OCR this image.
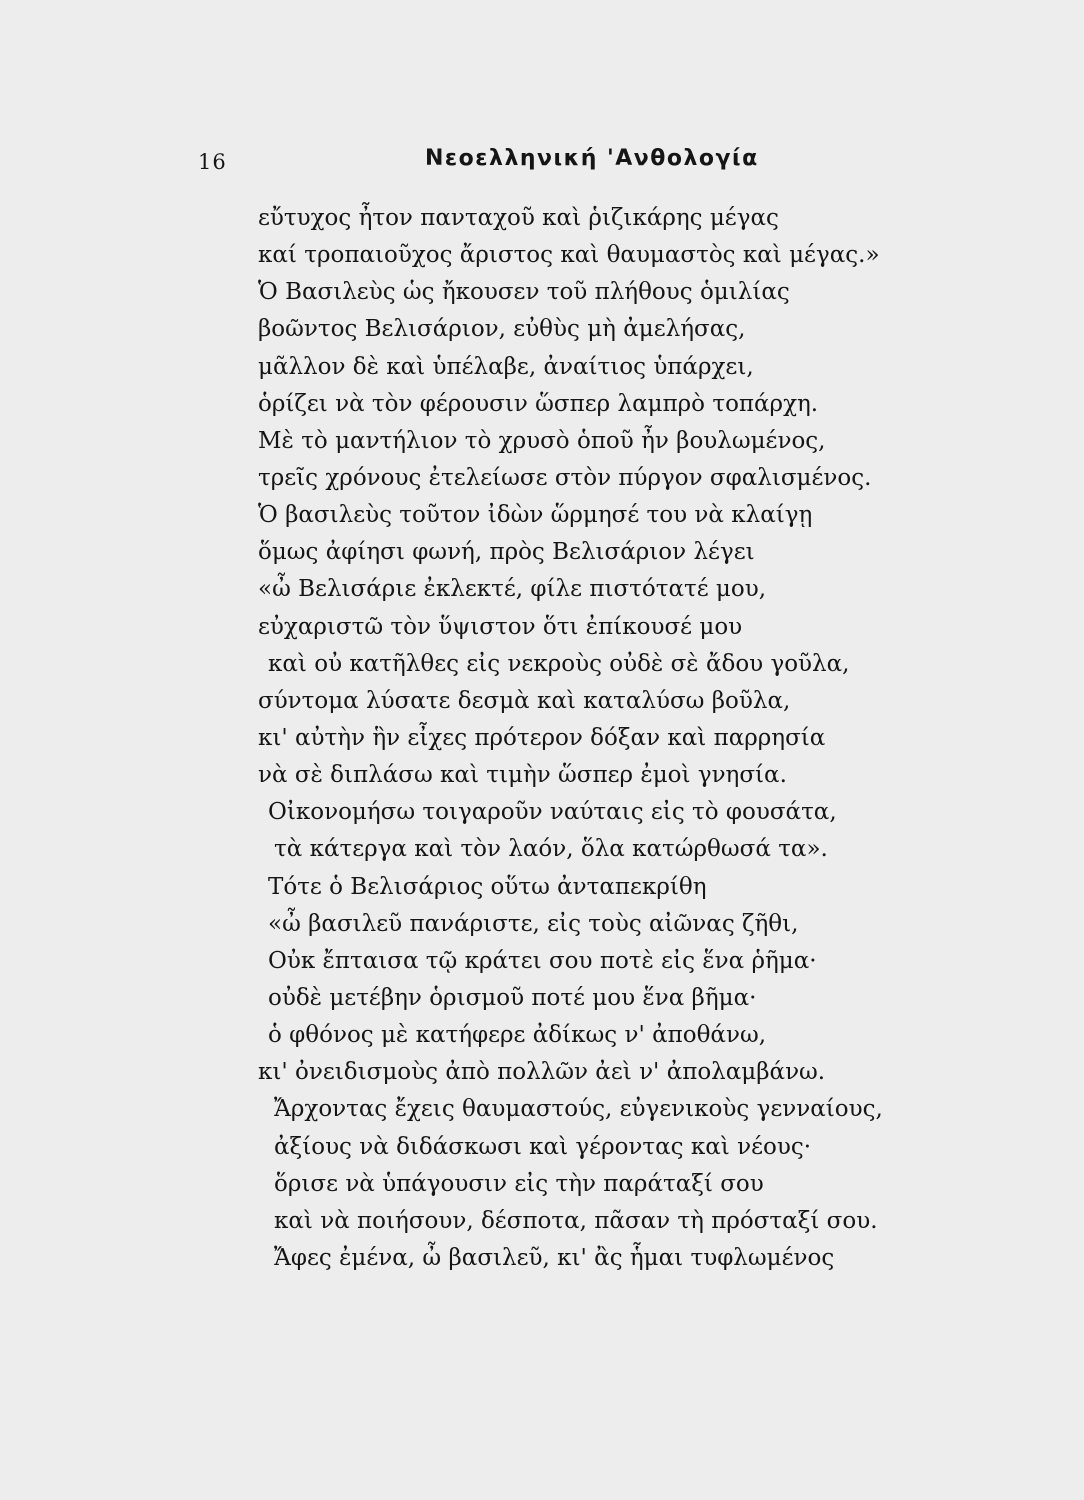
16	Νεοελληνική 'Ανθολογία
εὔτυχος ἦτον πανταχοῦ καὶ ῥιζικάρης μέγας
καί τροπαιοῦχος ἄριστος καὶ θαυμαστὸς καὶ μέγας.»
Ὁ Βασιλεὺς ὡς ἤκουσεν τοῦ πλήθους ὁμιλίας
βοῶντος Βελισάριον, εὐθὺς μὴ ἀμελήσας,
μᾶλλον δὲ καὶ ὑπέλαβε, ἀναίτιος ὑπάρχει,
ὁρίζει νὰ τὸν φέρουσιν ὥσπερ λαμπρὸ τοπάρχη.
Μὲ τὸ μαντήλιον τὸ χρυσὸ ὁποῦ ἦν βουλωμένος,
τρεῖς χρόνους ἐτελείωσε στὸν πύργον σφαλισμένος.
Ὁ βασιλεὺς τοῦτον ἰδὼν ὥρμησέ του νὰ κλαίγῃ
ὅμως ἀφίησι φωνή, πρὸς Βελισάριον λέγει
«ὦ Βελισάριε ἐκλεκτέ, φίλε πιστότατέ μου,
εὐχαριστῶ τὸν ὕψιστον ὅτι ἐπίκουσέ μου
καὶ οὐ κατῆλθες εἰς νεκροὺς οὐδὲ σὲ ἄδου γοῦλα,
σύντομα λύσατε δεσμὰ καὶ καταλύσω βοῦλα,
κι' αὐτὴν ἣν εἶχες πρότερον δόξαν καὶ παρρησία
νὰ σὲ διπλάσω καὶ τιμὴν ὥσπερ ἐμοὶ γνησία.
Οἰκονομήσω τοιγαροῦν ναύταις εἰς τὸ φουσάτα,
τὰ κάτεργα καὶ τὸν λαόν, ὅλα κατώρθωσά τα».
Τότε ὁ Βελισάριος οὕτω ἀνταπεκρίθη
«ὦ βασιλεῦ πανάριστε, εἰς τοὺς αἰῶνας ζῆθι,
Οὐκ ἔπταισα τῷ κράτει σου ποτὲ εἰς ἕνα ῥῆμα·
οὐδὲ μετέβην ὁρισμοῦ ποτέ μου ἕνα βῆμα·
ὁ φθόνος μὲ κατήφερε ἀδίκως ν' ἀποθάνω,
κι' ὀνειδισμοὺς ἀπὸ πολλῶν ἀεὶ ν' ἀπολαμβάνω.
Ἄρχοντας ἔχεις θαυμαστούς, εὐγενικοὺς γενναίους,
ἀξίους νὰ διδάσκωσι καὶ γέροντας καὶ νέους·
ὅρισε νὰ ὑπάγουσιν εἰς τὴν παράταξί σου
καὶ νὰ ποιήσουν, δέσποτα, πᾶσαν τὴ πρόσταξί σου.
Ἄφες ἐμένα, ὦ βασιλεῦ, κι' ἂς ἧμαι τυφλωμένος
